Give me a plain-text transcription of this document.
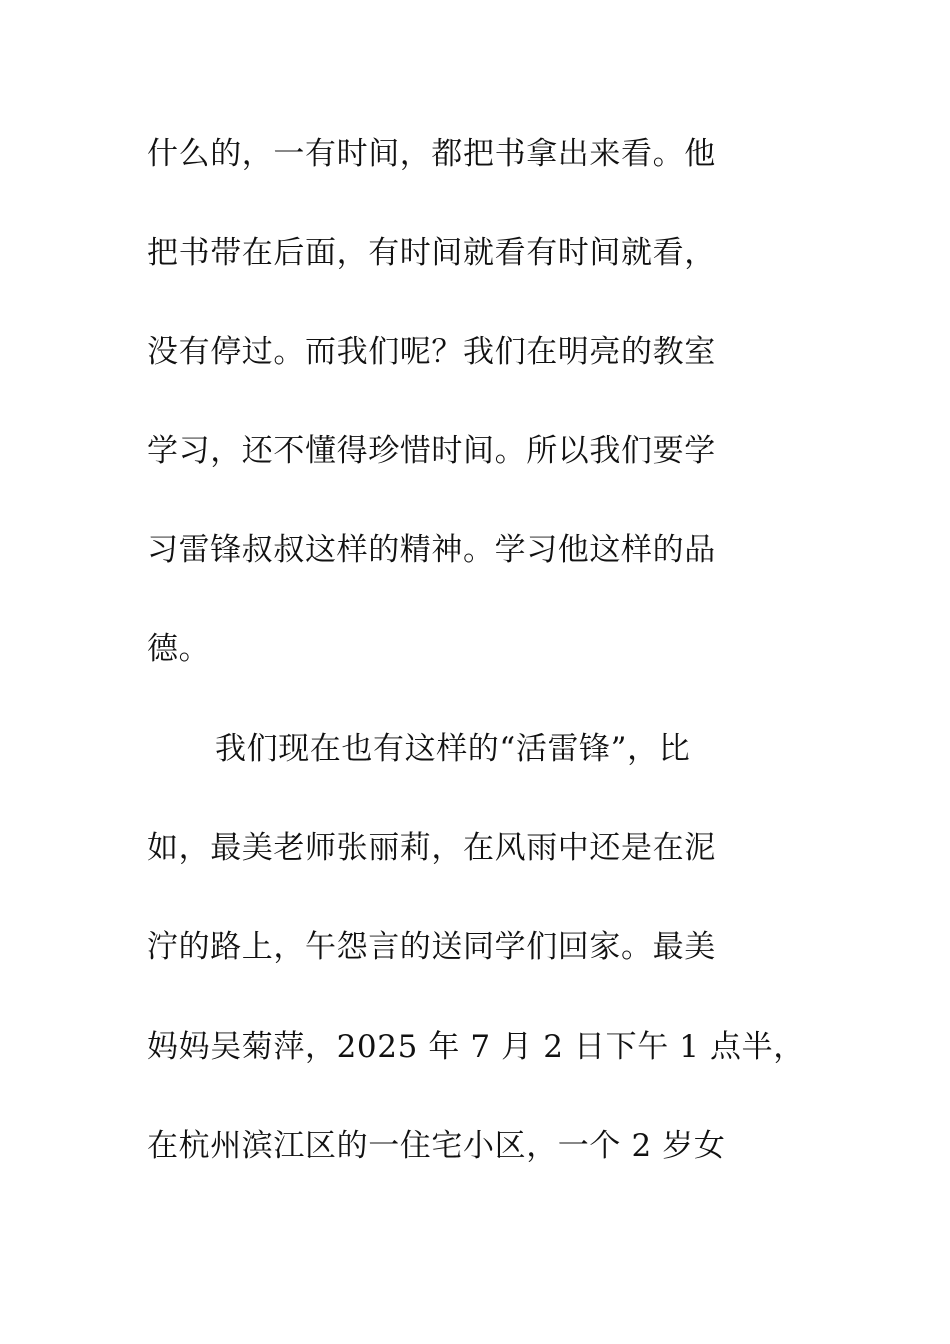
什么的，一有时间，都把书拿出来看。他
把书带在后面，有时间就看有时间就看，
没有停过。而我们呢？我们在明亮的教室
学习，还不懂得珍惜时间。所以我们要学
习雷锋叔叔这样的精神。学习他这样的品
德。
我们现在也有这样的“活雷锋”，比
如，最美老师张丽莉，在风雨中还是在泥
泞的路上，午怨言的送同学们回家。最美
妈妈吴菊萍，2025 年 7 月 2 日下午 1 点半，
在杭州滨江区的一住宅小区，一个 2 岁女
